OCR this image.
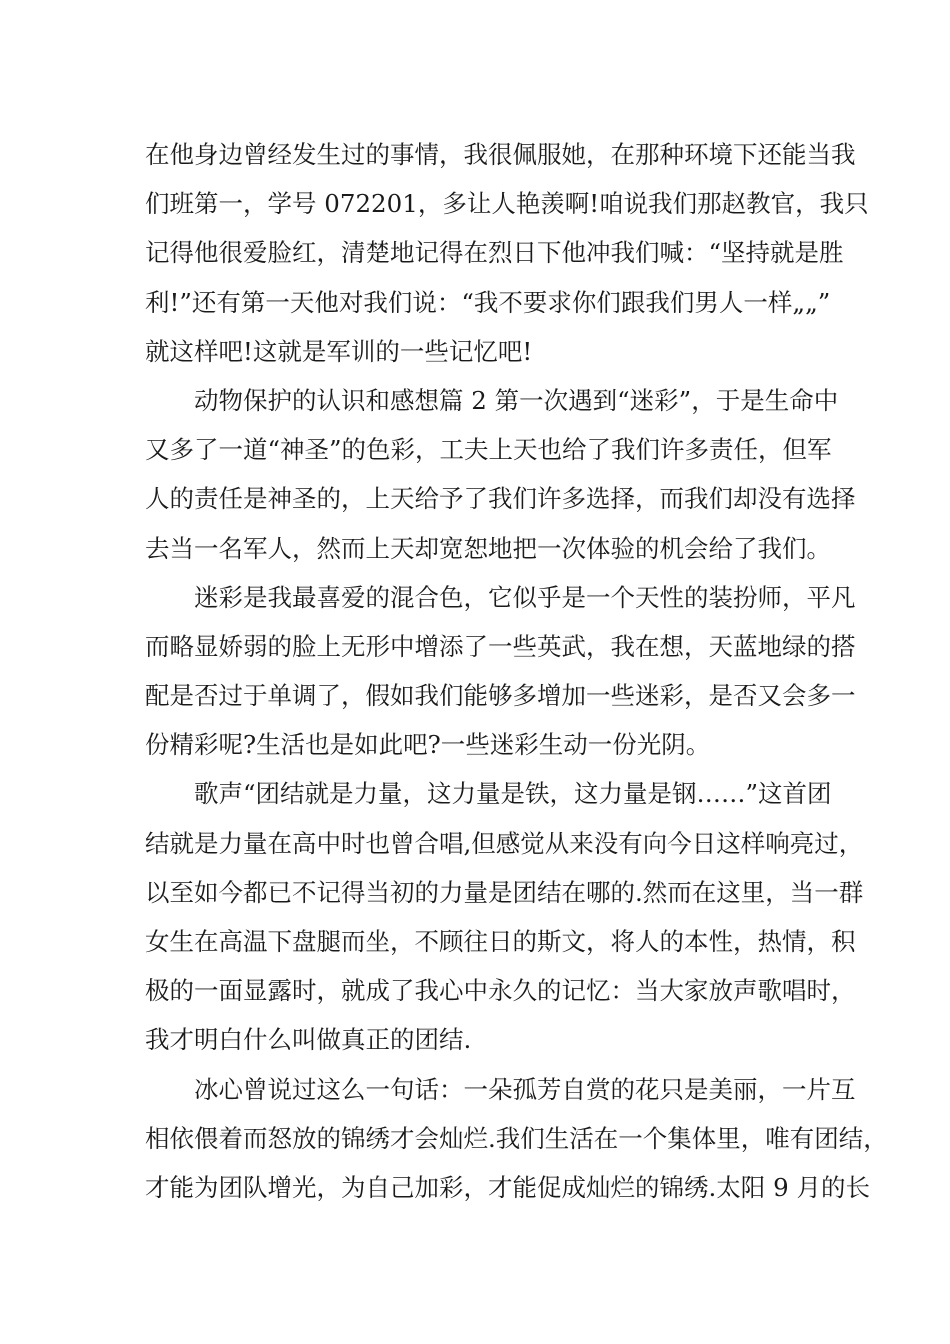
在他身边曾经发生过的事情，我很佩服她，在那种环境下还能当我
们班第一，学号 072201，多让人艳羡啊!咱说我们那赵教官，我只
记得他很爱脸红，清楚地记得在烈日下他冲我们喊：“坚持就是胜
利!”还有第一天他对我们说：“我不要求你们跟我们男人一样„„”
就这样吧!这就是军训的一些记忆吧!
动物保护的认识和感想篇 2 第一次遇到“迷彩”，于是生命中
又多了一道“神圣”的色彩，工夫上天也给了我们许多责任，但军
人的责任是神圣的，上天给予了我们许多选择，而我们却没有选择
去当一名军人，然而上天却宽恕地把一次体验的机会给了我们。
迷彩是我最喜爱的混合色，它似乎是一个天性的装扮师，平凡
而略显娇弱的脸上无形中增添了一些英武，我在想，天蓝地绿的搭
配是否过于单调了，假如我们能够多增加一些迷彩，是否又会多一
份精彩呢?生活也是如此吧?一些迷彩生动一份光阴。
歌声“团结就是力量，这力量是铁，这力量是钢……”这首团
结就是力量在高中时也曾合唱,但感觉从来没有向今日这样响亮过，
以至如今都已不记得当初的力量是团结在哪的.然而在这里，当一群
女生在高温下盘腿而坐，不顾往日的斯文，将人的本性，热情，积
极的一面显露时，就成了我心中永久的记忆：当大家放声歌唱时，
我才明白什么叫做真正的团结.
冰心曾说过这么一句话：一朵孤芳自赏的花只是美丽，一片互
相依偎着而怒放的锦绣才会灿烂.我们生活在一个集体里，唯有团结，
才能为团队增光，为自己加彩，才能促成灿烂的锦绣.太阳 9 月的长
